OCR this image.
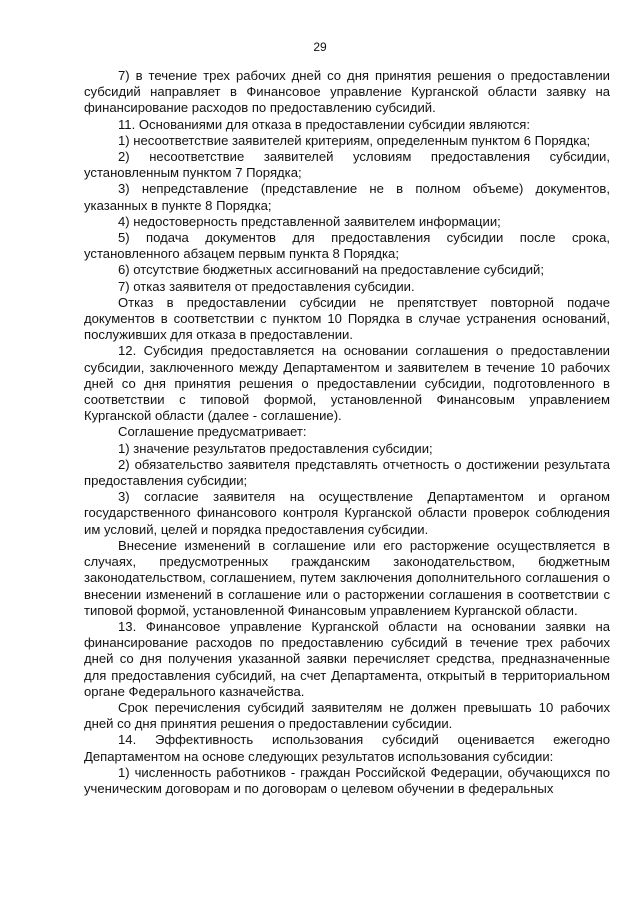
29

7) в течение трех рабочих дней со дня принятия решения о предоставлении субсидий направляет в Финансовое управление Курганской области заявку на финансирование расходов по предоставлению субсидий.

11. Основаниями для отказа в предоставлении субсидии являются:

1) несоответствие заявителей критериям, определенным пунктом 6 Порядка;

2) несоответствие заявителей условиям предоставления субсидии, установленным пунктом 7 Порядка;

3) непредставление (представление не в полном объеме) документов, указанных в пункте 8 Порядка;

4) недостоверность представленной заявителем информации;

5) подача документов для предоставления субсидии после срока, установленного абзацем первым пункта 8 Порядка;

6) отсутствие бюджетных ассигнований на предоставление субсидий;

7) отказ заявителя от предоставления субсидии.

Отказ в предоставлении субсидии не препятствует повторной подаче документов в соответствии с пунктом 10 Порядка в случае устранения оснований, послуживших для отказа в предоставлении.

12. Субсидия предоставляется на основании соглашения о предоставлении субсидии, заключенного между Департаментом и заявителем в течение 10 рабочих дней со дня принятия решения о предоставлении субсидии, подготовленного в соответствии с типовой формой, установленной Финансовым управлением Курганской области (далее - соглашение).

Соглашение предусматривает:

1) значение результатов предоставления субсидии;

2) обязательство заявителя представлять отчетность о достижении результата предоставления субсидии;

3) согласие заявителя на осуществление Департаментом и органом государственного финансового контроля Курганской области проверок соблюдения им условий, целей и порядка предоставления субсидии.

Внесение изменений в соглашение или его расторжение осуществляется в случаях, предусмотренных гражданским законодательством, бюджетным законодательством, соглашением, путем заключения дополнительного соглашения о внесении изменений в соглашение или о расторжении соглашения в соответствии с типовой формой, установленной Финансовым управлением Курганской области.

13. Финансовое управление Курганской области на основании заявки на финансирование расходов по предоставлению субсидий в течение трех рабочих дней со дня получения указанной заявки перечисляет средства, предназначенные для предоставления субсидий, на счет Департамента, открытый в территориальном органе Федерального казначейства.

Срок перечисления субсидий заявителям не должен превышать 10 рабочих дней со дня принятия решения о предоставлении субсидии.

14. Эффективность использования субсидий оценивается ежегодно Департаментом на основе следующих результатов использования субсидии:

1) численность работников - граждан Российской Федерации, обучающихся по ученическим договорам и по договорам о целевом обучении в федеральных
